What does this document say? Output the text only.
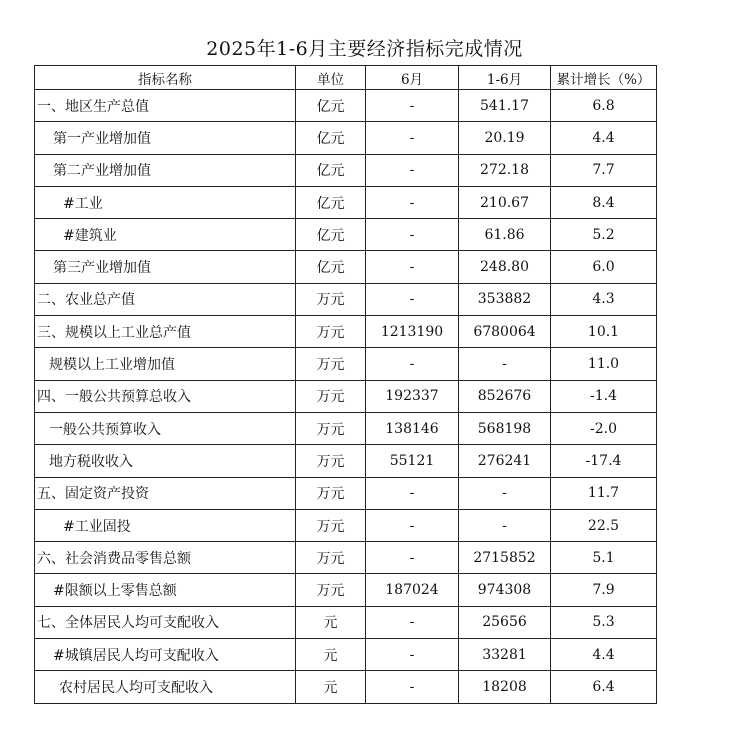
2025年1-6月主要经济指标完成情况
指标名称	单位	6月	1-6月	累计增长（%）
一、地区生产总值	亿元	-	541.17	6.8
第一产业增加值	亿元	-	20.19	4.4
第二产业增加值	亿元	-	272.18	7.7
#工业	亿元	-	210.67	8.4
#建筑业	亿元	-	61.86	5.2
第三产业增加值	亿元	-	248.80	6.0
二、农业总产值	万元	-	353882	4.3
三、规模以上工业总产值	万元	1213190	6780064	10.1
规模以上工业增加值	万元	-	-	11.0
四、一般公共预算总收入	万元	192337	852676	-1.4
一般公共预算收入	万元	138146	568198	-2.0
地方税收收入	万元	55121	276241	-17.4
五、固定资产投资	万元	-	-	11.7
#工业固投	万元	-	-	22.5
六、社会消费品零售总额	万元	-	2715852	5.1
#限额以上零售总额	万元	187024	974308	7.9
七、全体居民人均可支配收入	元	-	25656	5.3
#城镇居民人均可支配收入	元	-	33281	4.4
农村居民人均可支配收入	元	-	18208	6.4
